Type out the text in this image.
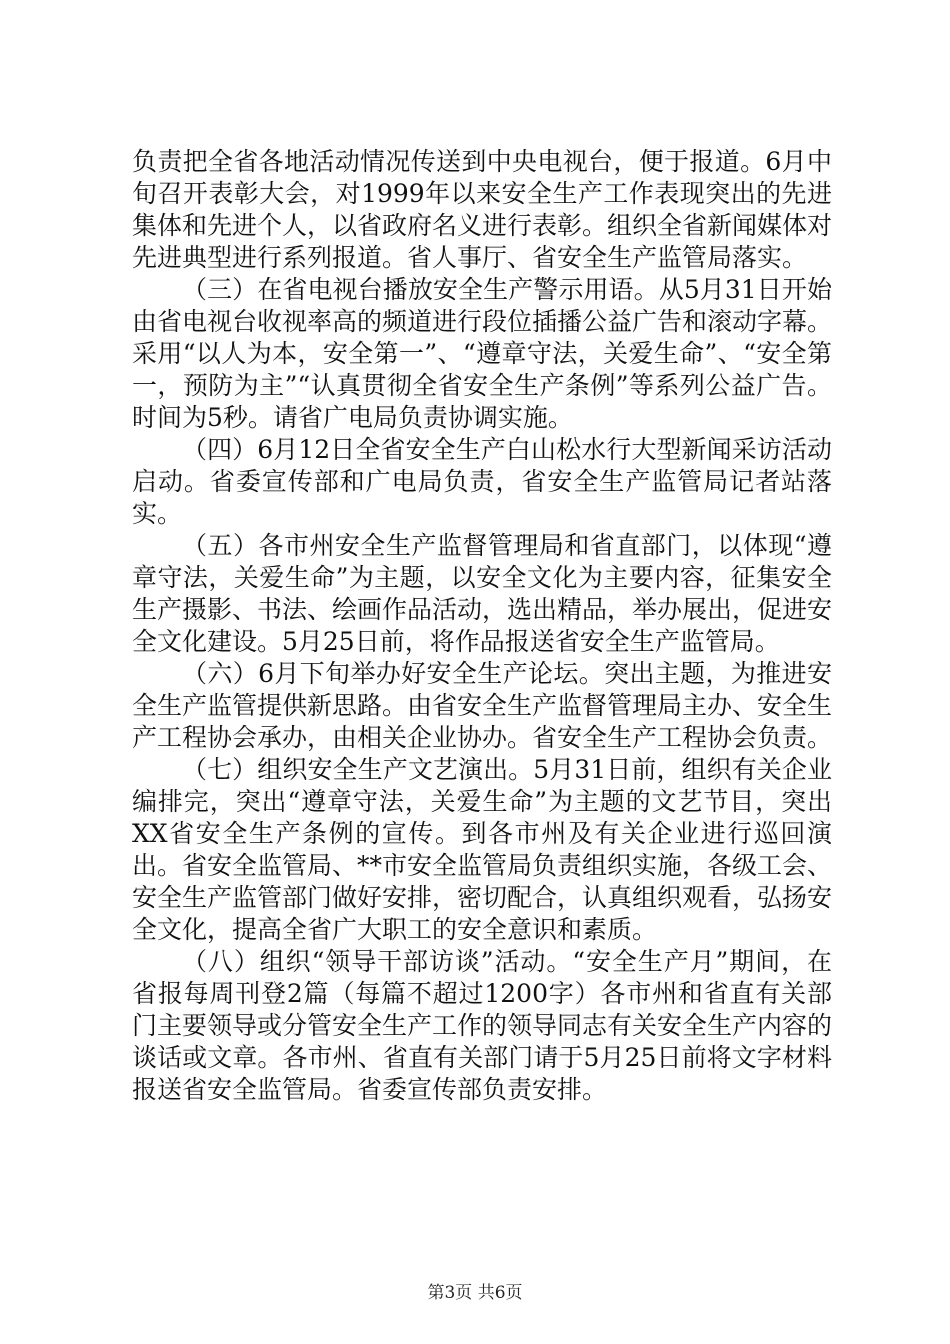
负责把全省各地活动情况传送到中央电视台，便于报道。6月中旬召开表彰大会，对1999年以来安全生产工作表现突出的先进集体和先进个人，以省政府名义进行表彰。组织全省新闻媒体对先进典型进行系列报道。省人事厅、省安全生产监管局落实。

（三）在省电视台播放安全生产警示用语。从5月31日开始由省电视台收视率高的频道进行段位插播公益广告和滚动字幕。采用“以人为本，安全第一”、“遵章守法，关爱生命”、“安全第一，预防为主”“认真贯彻全省安全生产条例”等系列公益广告。时间为5秒。请省广电局负责协调实施。

（四）6月12日全省安全生产白山松水行大型新闻采访活动启动。省委宣传部和广电局负责，省安全生产监管局记者站落实。

（五）各市州安全生产监督管理局和省直部门，以体现“遵章守法，关爱生命”为主题，以安全文化为主要内容，征集安全生产摄影、书法、绘画作品活动，选出精品，举办展出，促进安全文化建设。5月25日前，将作品报送省安全生产监管局。

（六）6月下旬举办好安全生产论坛。突出主题，为推进安全生产监管提供新思路。由省安全生产监督管理局主办、安全生产工程协会承办，由相关企业协办。省安全生产工程协会负责。

（七）组织安全生产文艺演出。5月31日前，组织有关企业编排完，突出“遵章守法，关爱生命”为主题的文艺节目，突出XX省安全生产条例的宣传。到各市州及有关企业进行巡回演出。省安全监管局、**市安全监管局负责组织实施，各级工会、安全生产监管部门做好安排，密切配合，认真组织观看，弘扬安全文化，提高全省广大职工的安全意识和素质。

（八）组织“领导干部访谈”活动。“安全生产月”期间，在省报每周刊登2篇（每篇不超过1200字）各市州和省直有关部门主要领导或分管安全生产工作的领导同志有关安全生产内容的谈话或文章。各市州、省直有关部门请于5月25日前将文字材料报送省安全监管局。省委宣传部负责安排。

第3页 共6页
